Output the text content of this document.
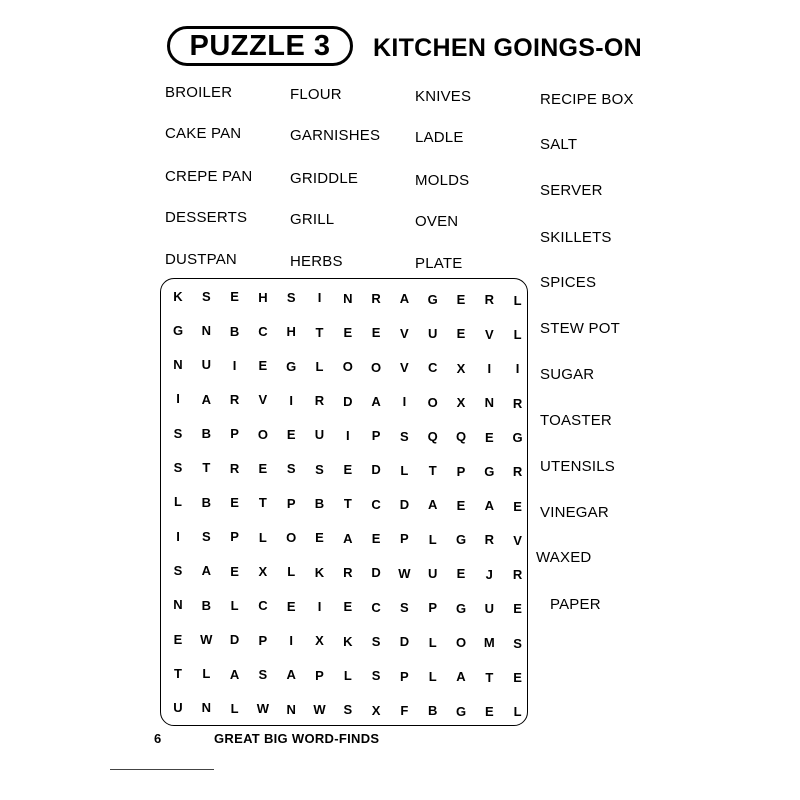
PUZZLE 3 KITCHEN GOINGS-ON
BROILER
CAKE PAN
CREPE PAN
DESSERTS
DUSTPAN
FLOUR
GARNISHES
GRIDDLE
GRILL
HERBS
KNIVES
LADLE
MOLDS
OVEN
PLATE
RECIPE BOX
SALT
SERVER
SKILLETS
SPICES
STEW POT
SUGAR
TOASTER
UTENSILS
VINEGAR
WAXED
PAPER
K	S	E	H	S	I	N	R	A	G	E	R	L
G	N	B	C	H	T	E	E	V	U	E	V	L
N	U	I	E	G	L	O	O	V	C	X	I	I
I	A	R	V	I	R	D	A	I	O	X	N	R
S	B	P	O	E	U	I	P	S	Q	Q	E	G
S	T	R	E	S	S	E	D	L	T	P	G	R
L	B	E	T	P	B	T	C	D	A	E	A	E
I	S	P	L	O	E	A	E	P	L	G	R	V
S	A	E	X	L	K	R	D	W	U	E	J	R
N	B	L	C	E	I	E	C	S	P	G	U	E
E	W	D	P	I	X	K	S	D	L	O	M	S
T	L	A	S	A	P	L	S	P	L	A	T	E
U	N	L	W	N	W	S	X	F	B	G	E	L
6	GREAT BIG WORD-FINDS
